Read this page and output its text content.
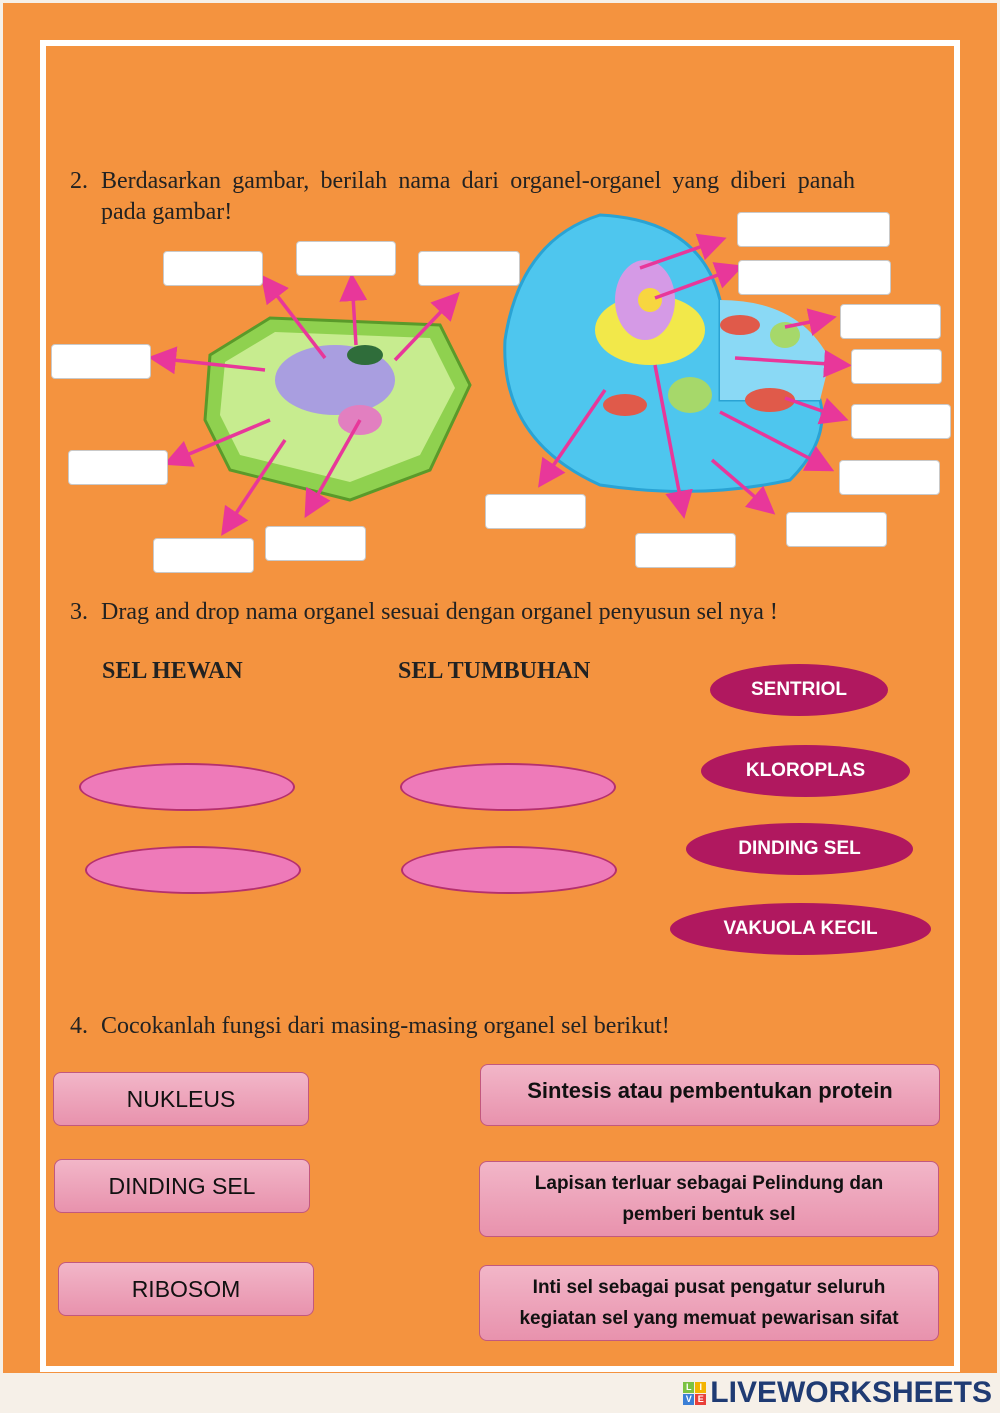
2. Berdasarkan gambar, berilah nama dari organel-organel yang diberi panah pada gambar!
3. Drag and drop nama organel sesuai dengan organel penyusun sel nya !
SEL HEWAN	SEL TUMBUHAN
SENTRIOL
KLOROPLAS
DINDING SEL
VAKUOLA KECIL
4. Cocokanlah fungsi dari masing-masing organel sel berikut!
NUKLEUS
DINDING SEL
RIBOSOM
Sintesis atau pembentukan protein
Lapisan terluar sebagai Pelindung dan pemberi bentuk sel
Inti sel sebagai pusat pengatur seluruh kegiatan sel yang memuat pewarisan sifat
L I
V E LIVEWORKSHEETS
